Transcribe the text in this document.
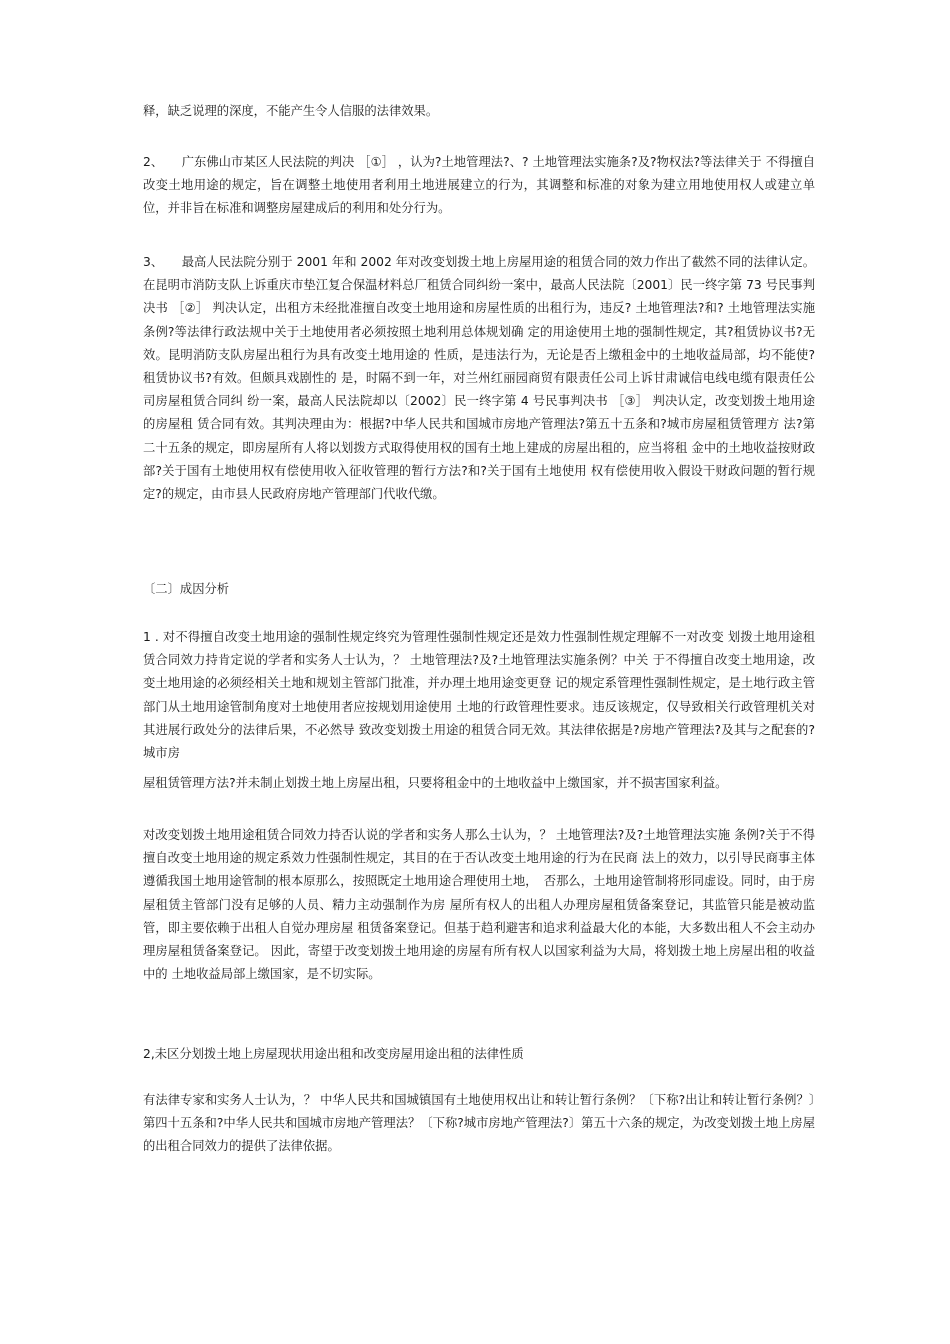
释，缺乏说理的深度，不能产生令人信服的法律效果。

2、　　广东佛山市某区人民法院的判决 ［①］ ，认为?土地管理法?、? 土地管理法实施条?及?物权法?等法律关于 不得擅自改变土地用途的规定，旨在调整土地使用者利用土地进展建立的行为，其调整和标准的对象为建立用地使用权人或建立单位，并非旨在标准和调整房屋建成后的利用和处分行为。

3、　　最高人民法院分别于 2001 年和 2002 年对改变划拨土地上房屋用途的租赁合同的效力作出了截然不同的法律认定。在昆明市消防支队上诉重庆市垫江复合保温材料总厂租赁合同纠纷一案中，最高人民法院〔2001〕民一终字第 73 号民事判决书 ［②］ 判决认定，出租方未经批准擅自改变土地用途和房屋性质的出租行为，违反? 土地管理法?和? 土地管理法实施条例?等法律行政法规中关于土地使用者必须按照土地利用总体规划确 定的用途使用土地的强制性规定，其?租赁协议书?无效。昆明消防支队房屋出租行为具有改变土地用途的 性质，是违法行为，无论是否上缴租金中的土地收益局部，均不能使?租赁协议书?有效。但颇具戏剧性的 是，时隔不到一年，对兰州红丽园商贸有限责任公司上诉甘肃诚信电线电缆有限责任公司房屋租赁合同纠 纷一案，最高人民法院却以〔2002〕民一终字第 4 号民事判决书 ［③］ 判决认定，改变划拨土地用途的房屋租 赁合同有效。其判决理由为：根据?中华人民共和国城市房地产管理法?第五十五条和?城市房屋租赁管理方 法?第二十五条的规定，即房屋所有人将以划拨方式取得使用权的国有土地上建成的房屋出租的，应当将租 金中的土地收益按财政部?关于国有土地使用权有偿使用收入征收管理的暂行方法?和?关于国有土地使用 权有偿使用收入假设干财政问题的暂行规定?的规定，由市县人民政府房地产管理部门代收代缴。

〔二〕成因分析

1 . 对不得擅自改变土地用途的强制性规定终究为管理性强制性规定还是效力性强制性规定理解不一对改变 划拨土地用途租赁合同效力持肯定说的学者和实务人士认为，？ 土地管理法?及?土地管理法实施条例？中关 于不得擅自改变土地用途，改变土地用途的必须经相关土地和规划主管部门批准，并办理土地用途变更登 记的规定系管理性强制性规定，是土地行政主管部门从土地用途管制角度对土地使用者应按规划用途使用 土地的行政管理性要求。违反该规定，仅导致相关行政管理机关对其进展行政处分的法律后果，不必然导 致改变划拨土用途的租赁合同无效。其法律依据是?房地产管理法?及其与之配套的?城市房

屋租赁管理方法?并未制止划拨土地上房屋出租，只要将租金中的土地收益中上缴国家，并不损害国家利益。

对改变划拨土地用途租赁合同效力持否认说的学者和实务人那么士认为，？ 土地管理法?及?土地管理法实施 条例?关于不得擅自改变土地用途的规定系效力性强制性规定，其目的在于否认改变土地用途的行为在民商 法上的效力，以引导民商事主体遵循我国土地用途管制的根本原那么，按照既定土地用途合理使用土地，　否那么，土地用途管制将形同虚设。同时，由于房屋租赁主管部门没有足够的人员、精力主动强制作为房 屋所有权人的出租人办理房屋租赁备案登记，其监管只能是被动监管，即主要依赖于出租人自觉办理房屋 租赁备案登记。但基于趋利避害和追求利益最大化的本能，大多数出租人不会主动办理房屋租赁备案登记。 因此，寄望于改变划拨土地用途的房屋有所有权人以国家利益为大局，将划拨土地上房屋出租的收益中的 土地收益局部上缴国家，是不切实际。

2,未区分划拨土地上房屋现状用途出租和改变房屋用途出租的法律性质

有法律专家和实务人士认为，？ 中华人民共和国城镇国有土地使用权出让和转让暂行条例？〔下称?出让和转让暂行条例？〕第四十五条和?中华人民共和国城市房地产管理法？〔下称?城市房地产管理法?〕第五十六条的规定，为改变划拨土地上房屋的出租合同效力的提供了法律依据。
